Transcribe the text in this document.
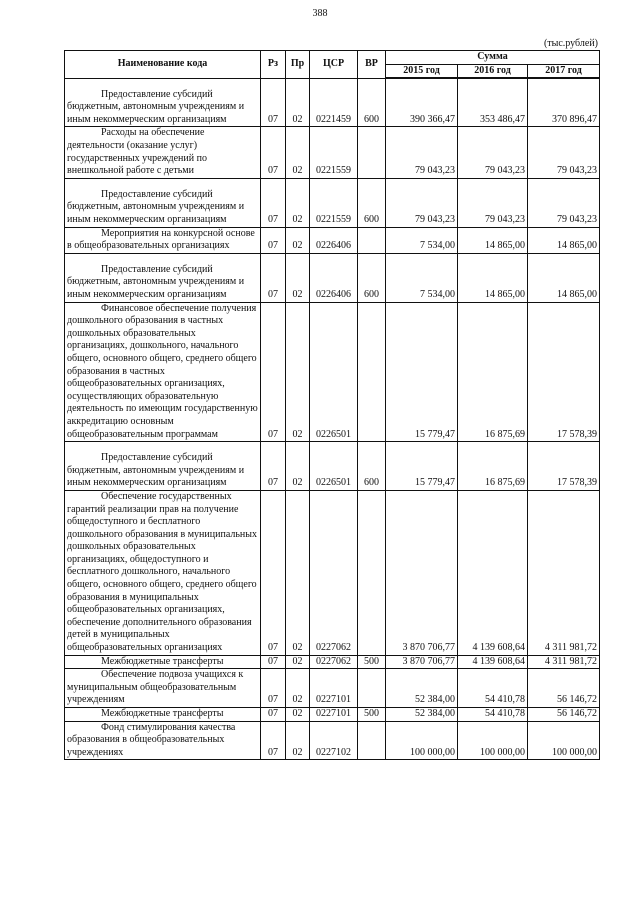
388
(тыс.рублей)
Наименование кода	Рз	Пр	ЦСР	ВР	Сумма		
					2015 год	2016 год	2017 год
Предоставление субсидий бюджетным, автономным учреждениям и иным некоммерческим организациям	07	02	0221459	600	390 366,47	353 486,47	370 896,47
Расходы на обеспечение деятельности (оказание услуг) государственных учреждений по внешкольной работе с детьми	07	02	0221559		79 043,23	79 043,23	79 043,23
Предоставление субсидий бюджетным, автономным учреждениям и иным некоммерческим организациям	07	02	0221559	600	79 043,23	79 043,23	79 043,23
Мероприятия на конкурсной основе в общеобразовательных организациях	07	02	0226406		7 534,00	14 865,00	14 865,00
Предоставление субсидий бюджетным, автономным учреждениям и иным некоммерческим организациям	07	02	0226406	600	7 534,00	14 865,00	14 865,00
Финансовое обеспечение получения дошкольного образования в частных дошкольных образовательных организациях, дошкольного, начального общего, основного общего, среднего общего образования в частных общеобразовательных организациях, осуществляющих образовательную деятельность по имеющим государственную аккредитацию основным общеобразовательным программам	07	02	0226501		15 779,47	16 875,69	17 578,39
Предоставление субсидий бюджетным, автономным учреждениям и иным некоммерческим организациям	07	02	0226501	600	15 779,47	16 875,69	17 578,39
Обеспечение государственных гарантий реализации прав на получение общедоступного и бесплатного дошкольного образования в муниципальных дошкольных образовательных организациях, общедоступного и бесплатного дошкольного, начального общего, основного общего, среднего общего образования в муниципальных общеобразовательных организациях, обеспечение дополнительного образования детей в муниципальных общеобразовательных организациях	07	02	0227062		3 870 706,77	4 139 608,64	4 311 981,72
Межбюджетные трансферты	07	02	0227062	500	3 870 706,77	4 139 608,64	4 311 981,72
Обеспечение подвоза учащихся к муниципальным общеобразовательным учреждениям	07	02	0227101		52 384,00	54 410,78	56 146,72
Межбюджетные трансферты	07	02	0227101	500	52 384,00	54 410,78	56 146,72
Фонд стимулирования качества образования в общеобразовательных учреждениях	07	02	0227102		100 000,00	100 000,00	100 000,00
